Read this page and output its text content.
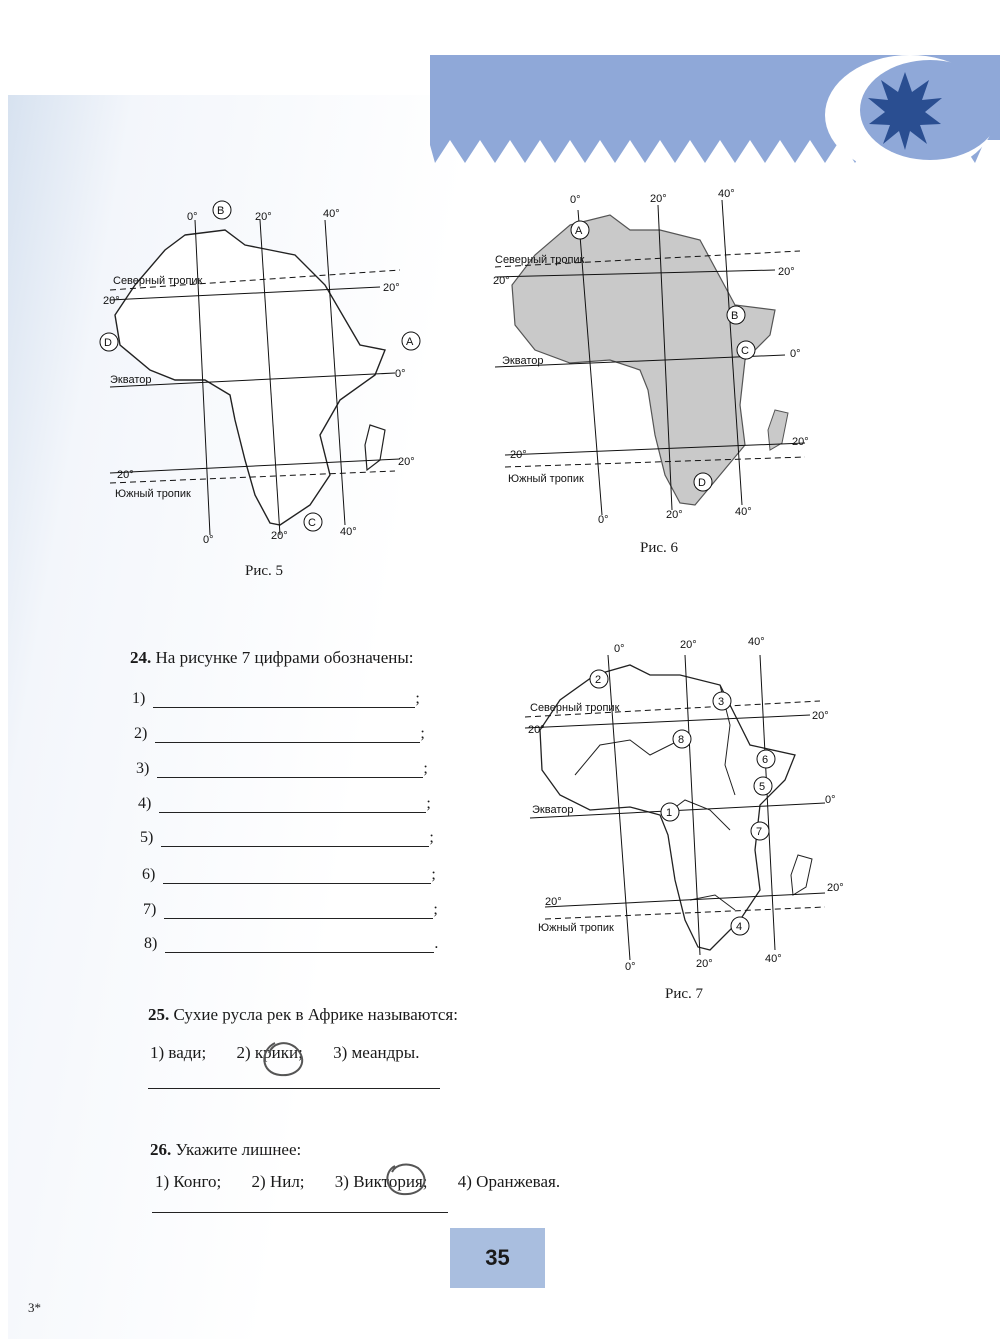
Северный тропик
20°
20°
Экватор	0°
20°
20°
Южный тропик
0°	20°	40°
0°	20°	40°
B
D	A
C
Рис. 5
Северный тропик
20°
20°
Экватор
0°
20°
20°
Южный тропик
0°	20°	40°
0°	20°	40°
A
B
C
D
Рис. 6
Северный тропик
20°
20°
Экватор
0°
20°
20°
Южный тропик
0°	20°	40°
0°	20°	40°
1
2
3
4
5
6
7
8
Рис. 7
24. На рисунке 7 цифрами обозначены:
1)	;
2)	;
3)	;
4)	;
5)	;
6)	;
7)	;
8)	.
25. Сухие русла рек в Африке называются:
1) вади; 2) крики; 3) меандры.
26. Укажите лишнее:
1) Конго; 2) Нил; 3) Виктория; 4) Оранжевая.
35
3*
